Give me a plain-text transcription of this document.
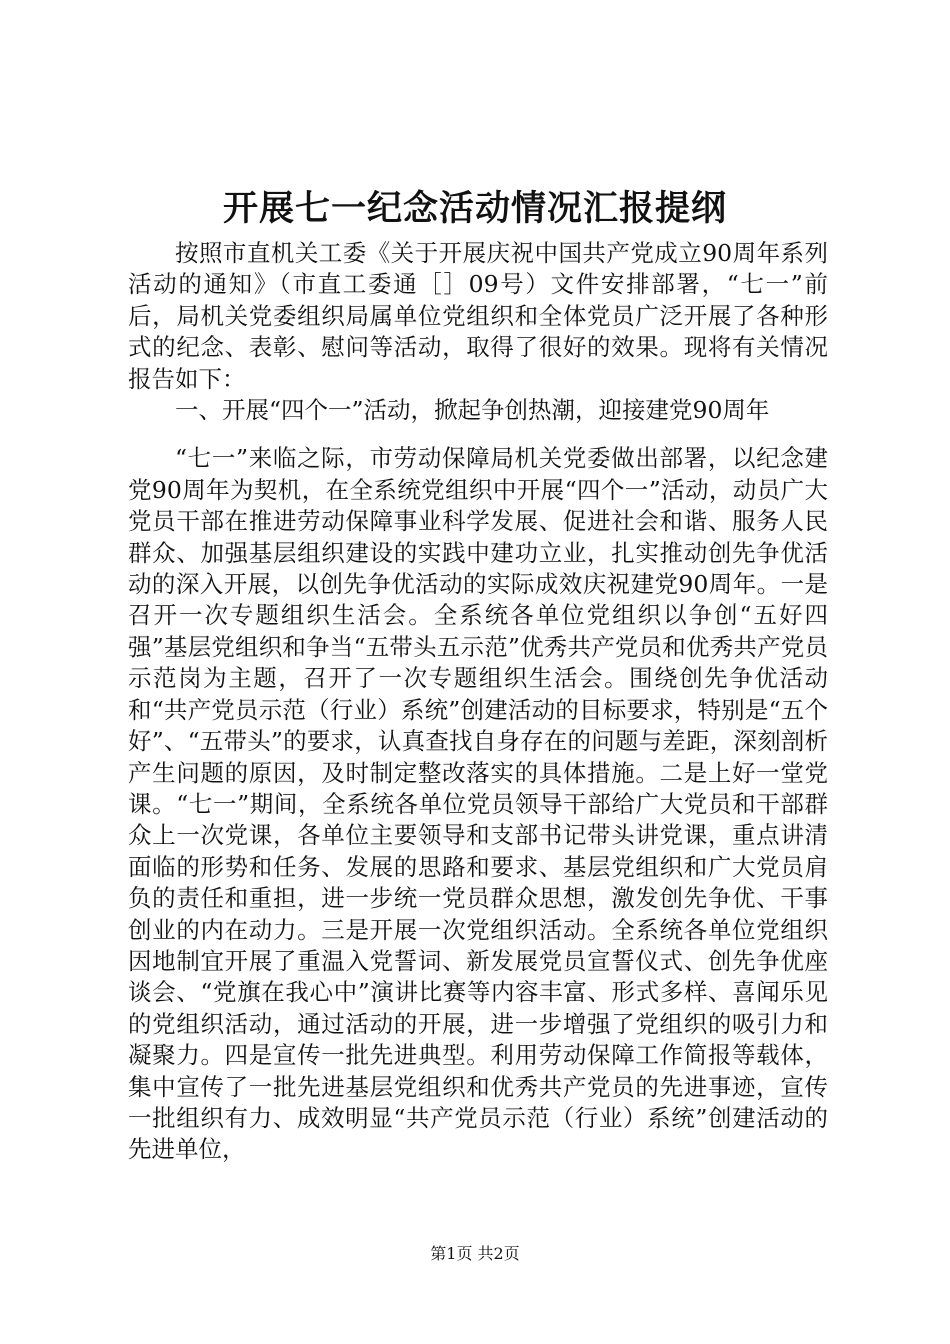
开展七一纪念活动情况汇报提纲

按照市直机关工委《关于开展庆祝中国共产党成立90周年系列活动的通知》（市直工委通［］09号）文件安排部署，“七一”前后，局机关党委组织局属单位党组织和全体党员广泛开展了各种形式的纪念、表彰、慰问等活动，取得了很好的效果。现将有关情况报告如下：

一、开展“四个一”活动，掀起争创热潮，迎接建党90周年

“七一”来临之际，市劳动保障局机关党委做出部署，以纪念建党90周年为契机，在全系统党组织中开展“四个一”活动，动员广大党员干部在推进劳动保障事业科学发展、促进社会和谐、服务人民群众、加强基层组织建设的实践中建功立业，扎实推动创先争优活动的深入开展，以创先争优活动的实际成效庆祝建党90周年。一是召开一次专题组织生活会。全系统各单位党组织以争创“五好四强”基层党组织和争当“五带头五示范”优秀共产党员和优秀共产党员示范岗为主题，召开了一次专题组织生活会。围绕创先争优活动和“共产党员示范（行业）系统”创建活动的目标要求，特别是“五个好”、“五带头”的要求，认真查找自身存在的问题与差距，深刻剖析产生问题的原因，及时制定整改落实的具体措施。二是上好一堂党课。“七一”期间，全系统各单位党员领导干部给广大党员和干部群众上一次党课，各单位主要领导和支部书记带头讲党课，重点讲清面临的形势和任务、发展的思路和要求、基层党组织和广大党员肩负的责任和重担，进一步统一党员群众思想，激发创先争优、干事创业的内在动力。三是开展一次党组织活动。全系统各单位党组织因地制宜开展了重温入党誓词、新发展党员宣誓仪式、创先争优座谈会、“党旗在我心中”演讲比赛等内容丰富、形式多样、喜闻乐见的党组织活动，通过活动的开展，进一步增强了党组织的吸引力和凝聚力。四是宣传一批先进典型。利用劳动保障工作简报等载体，集中宣传了一批先进基层党组织和优秀共产党员的先进事迹，宣传一批组织有力、成效明显“共产党员示范（行业）系统”创建活动的先进单位，

第1页 共2页
